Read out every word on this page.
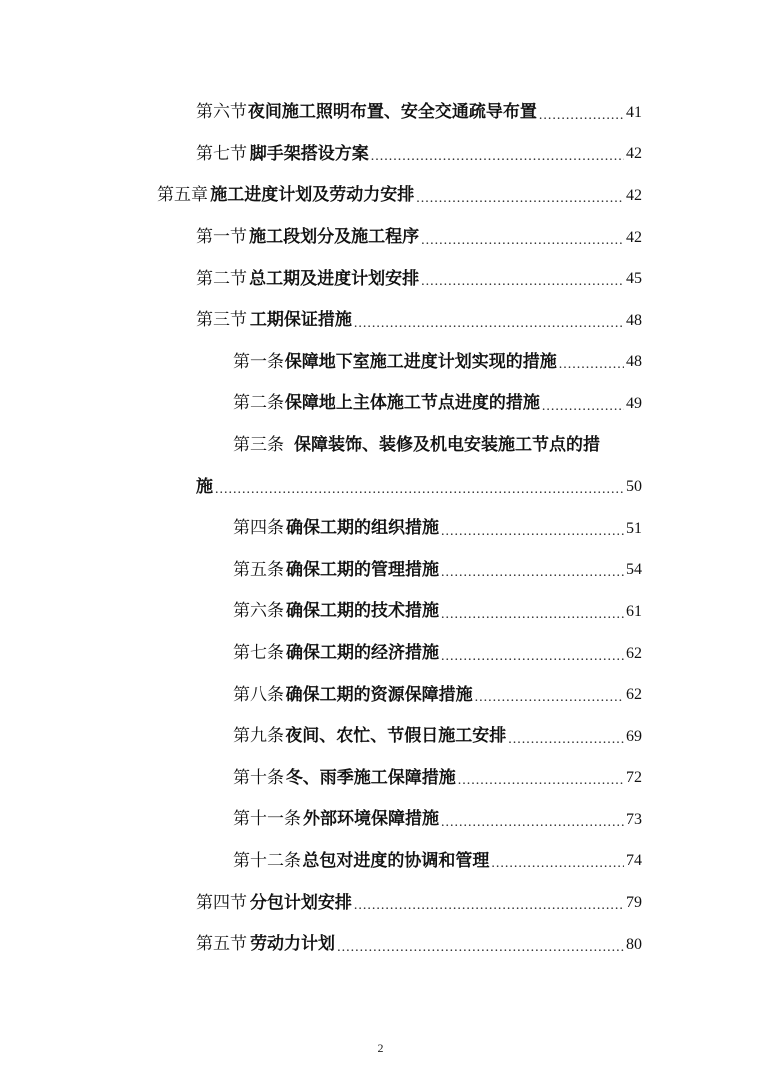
第六节 夜间施工照明布置、安全交通疏导布置 .....	41
第七节 脚手架搭设方案 .....	42
第五章 施工进度计划及劳动力安排 .....	42
第一节 施工段划分及施工程序 .....	42
第二节 总工期及进度计划安排 .....	45
第三节 工期保证措施 .....	48
第一条 保障地下室施工进度计划实现的措施 .....	48
第二条 保障地上主体施工节点进度的措施 .....	49
第三条 保障装饰、装修及机电安装施工节点的措
施 .....	50
第四条 确保工期的组织措施 .....	51
第五条 确保工期的管理措施 .....	54
第六条 确保工期的技术措施 .....	61
第七条 确保工期的经济措施 .....	62
第八条 确保工期的资源保障措施 .....	62
第九条 夜间、农忙、节假日施工安排 .....	69
第十条 冬、雨季施工保障措施 .....	72
第十一条 外部环境保障措施 .....	73
第十二条 总包对进度的协调和管理 .....	74
第四节 分包计划安排 .....	79
第五节 劳动力计划 .....	80
2
